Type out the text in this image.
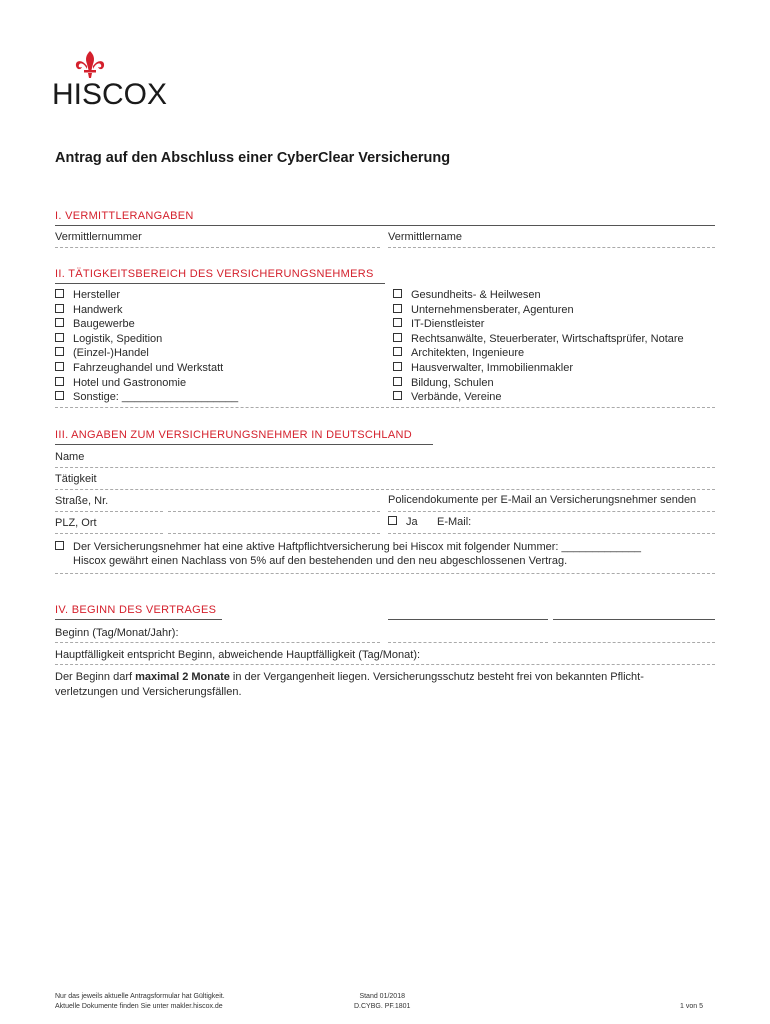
HISCOX
Antrag auf den Abschluss einer CyberClear Versicherung
I. VERMITTLERANGABEN
Vermittlernummer	Vermittlername
II. TÄTIGKEITSBEREICH DES VERSICHERUNGSNEHMERS
Hersteller
Handwerk
Baugewerbe
Logistik, Spedition
(Einzel-)Handel
Fahrzeughandel und Werkstatt
Hotel und Gastronomie
Sonstige: ___________________
Gesundheits- & Heilwesen
Unternehmensberater, Agenturen
IT-Dienstleister
Rechtsanwälte, Steuerberater, Wirtschaftsprüfer, Notare
Architekten, Ingenieure
Hausverwalter, Immobilienmakler
Bildung, Schulen
Verbände, Vereine
III. ANGABEN ZUM VERSICHERUNGSNEHMER IN DEUTSCHLAND
Name
Tätigkeit
Straße, Nr.	Policendokumente per E-Mail an Versicherungsnehmer senden
PLZ, Ort	Ja E-Mail:
Der Versicherungsnehmer hat eine aktive Haftpflichtversicherung bei Hiscox mit folgender Nummer: _____________
Hiscox gewährt einen Nachlass von 5% auf den bestehenden und den neu abgeschlossenen Vertrag.
IV. BEGINN DES VERTRAGES
Beginn (Tag/Monat/Jahr):
Hauptfälligkeit entspricht Beginn, abweichende Hauptfälligkeit (Tag/Monat):
Der Beginn darf maximal 2 Monate in der Vergangenheit liegen. Versicherungsschutz besteht frei von bekannten Pflicht-
verletzungen und Versicherungsfällen.
Nur das jeweils aktuelle Antragsformular hat Gültigkeit.
Aktuelle Dokumente finden Sie unter makler.hiscox.de
Stand 01/2018
D.CYBG. PF.1801	1 von 5
